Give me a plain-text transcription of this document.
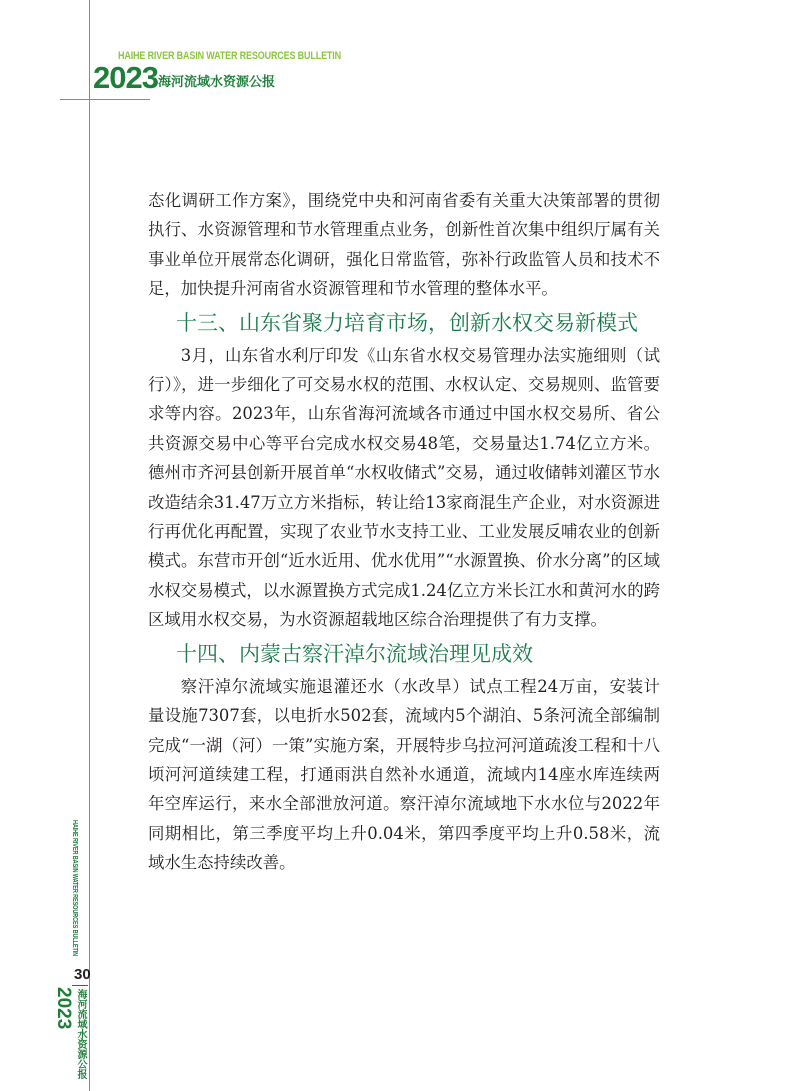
HAIHE RIVER BASIN WATER RESOURCES BULLETIN
2023 海河流域水资源公报

态化调研工作方案》，围绕党中央和河南省委有关重大决策部署的贯彻执行、水资源管理和节水管理重点业务，创新性首次集中组织厅属有关事业单位开展常态化调研，强化日常监管，弥补行政监管人员和技术不足，加快提升河南省水资源管理和节水管理的整体水平。

十三、山东省聚力培育市场，创新水权交易新模式

3月，山东省水利厅印发《山东省水权交易管理办法实施细则（试行）》，进一步细化了可交易水权的范围、水权认定、交易规则、监管要求等内容。2023年，山东省海河流域各市通过中国水权交易所、省公共资源交易中心等平台完成水权交易48笔，交易量达1.74亿立方米。德州市齐河县创新开展首单“水权收储式”交易，通过收储韩刘灌区节水改造结余31.47万立方米指标，转让给13家商混生产企业，对水资源进行再优化再配置，实现了农业节水支持工业、工业发展反哺农业的创新模式。东营市开创“近水近用、优水优用”“水源置换、价水分离”的区域水权交易模式，以水源置换方式完成1.24亿立方米长江水和黄河水的跨区域用水权交易，为水资源超载地区综合治理提供了有力支撑。

十四、内蒙古察汗淖尔流域治理见成效

察汗淖尔流域实施退灌还水（水改旱）试点工程24万亩，安装计量设施7307套，以电折水502套，流域内5个湖泊、5条河流全部编制完成“一湖（河）一策”实施方案，开展特步乌拉河河道疏浚工程和十八顷河河道续建工程，打通雨洪自然补水通道，流域内14座水库连续两年空库运行，来水全部泄放河道。察汗淖尔流域地下水水位与2022年同期相比，第三季度平均上升0.04米，第四季度平均上升0.58米，流域水生态持续改善。

HAIHE RIVER BASIN WATER RESOURCES BULLETIN
30
2023 海河流域水资源公报
